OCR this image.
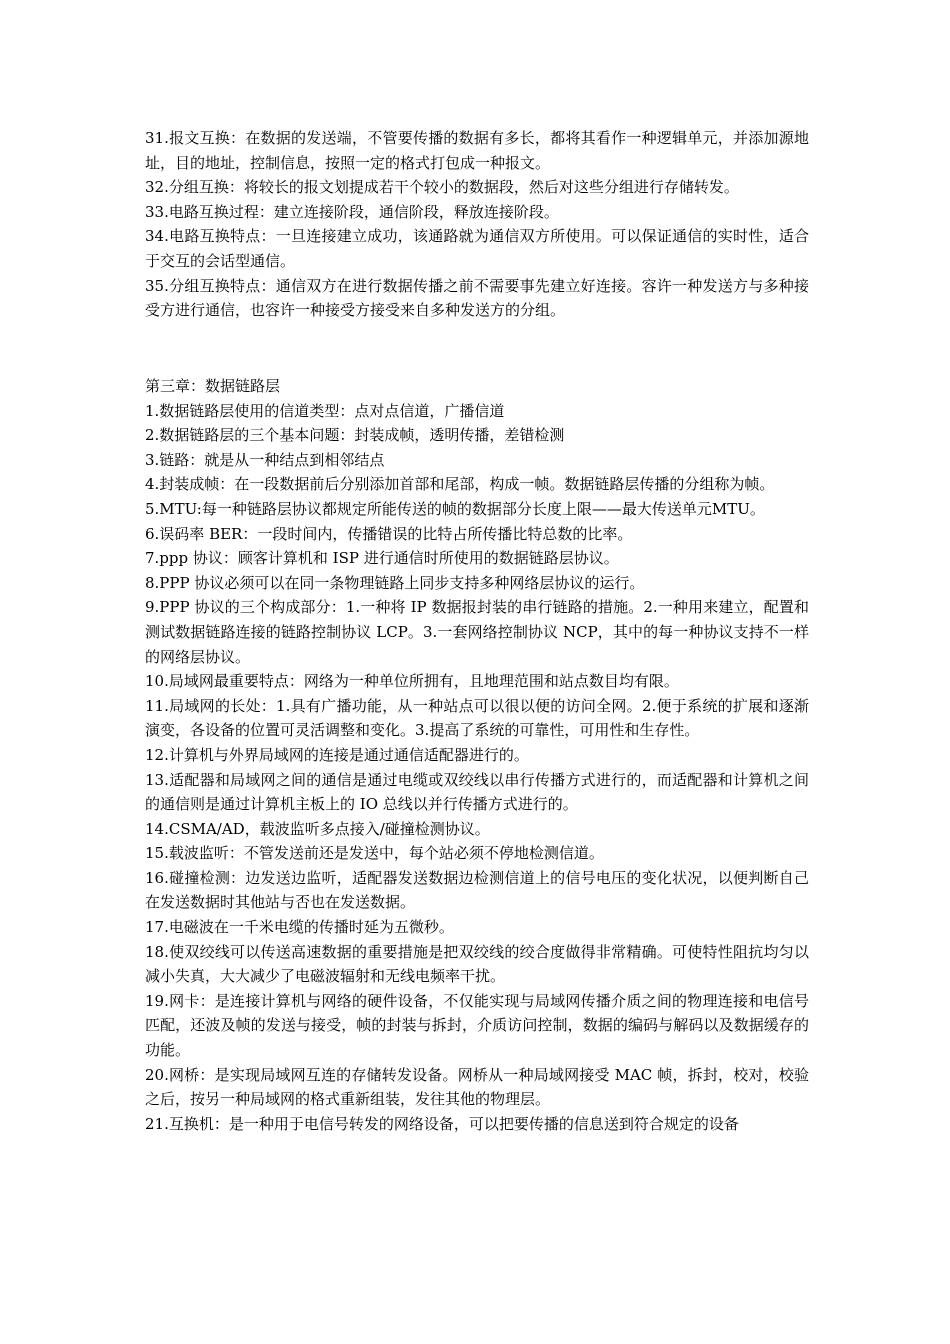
31.报文互换：在数据的发送端，不管要传播的数据有多长，都将其看作一种逻辑单元，并添加源地址，目的地址，控制信息，按照一定的格式打包成一种报文。

32.分组互换：将较长的报文划提成若干个较小的数据段，然后对这些分组进行存储转发。

33.电路互换过程：建立连接阶段，通信阶段，释放连接阶段。

34.电路互换特点：一旦连接建立成功，该通路就为通信双方所使用。可以保证通信的实时性，适合于交互的会话型通信。

35.分组互换特点：通信双方在进行数据传播之前不需要事先建立好连接。容许一种发送方与多种接受方进行通信，也容许一种接受方接受来自多种发送方的分组。

第三章：数据链路层

1.数据链路层使用的信道类型：点对点信道，广播信道

2.数据链路层的三个基本问题：封装成帧，透明传播，差错检测

3.链路：就是从一种结点到相邻结点

4.封装成帧：在一段数据前后分别添加首部和尾部，构成一帧。数据链路层传播的分组称为帧。

5.MTU:每一种链路层协议都规定所能传送的帧的数据部分长度上限——最大传送单元MTU。

6.误码率 BER：一段时间内，传播错误的比特占所传播比特总数的比率。

7.ppp 协议：顾客计算机和 ISP 进行通信时所使用的数据链路层协议。

8.PPP 协议必须可以在同一条物理链路上同步支持多种网络层协议的运行。

9.PPP 协议的三个构成部分：1.一种将 IP 数据报封装的串行链路的措施。2.一种用来建立，配置和测试数据链路连接的链路控制协议 LCP。3.一套网络控制协议 NCP，其中的每一种协议支持不一样的网络层协议。

10.局域网最重要特点：网络为一种单位所拥有，且地理范围和站点数目均有限。

11.局域网的长处：1.具有广播功能，从一种站点可以很以便的访问全网。2.便于系统的扩展和逐渐演变，各设备的位置可灵活调整和变化。3.提高了系统的可靠性，可用性和生存性。

12.计算机与外界局域网的连接是通过通信适配器进行的。

13.适配器和局域网之间的通信是通过电缆或双绞线以串行传播方式进行的，而适配器和计算机之间的通信则是通过计算机主板上的 IO 总线以并行传播方式进行的。

14.CSMA/AD，载波监听多点接入/碰撞检测协议。

15.载波监听：不管发送前还是发送中，每个站必须不停地检测信道。

16.碰撞检测：边发送边监听，适配器发送数据边检测信道上的信号电压的变化状况，以便判断自己在发送数据时其他站与否也在发送数据。

17.电磁波在一千米电缆的传播时延为五微秒。

18.使双绞线可以传送高速数据的重要措施是把双绞线的绞合度做得非常精确。可使特性阻抗均匀以减小失真，大大减少了电磁波辐射和无线电频率干扰。

19.网卡：是连接计算机与网络的硬件设备，不仅能实现与局域网传播介质之间的物理连接和电信号匹配，还波及帧的发送与接受，帧的封装与拆封，介质访问控制，数据的编码与解码以及数据缓存的功能。

20.网桥：是实现局域网互连的存储转发设备。网桥从一种局域网接受 MAC 帧，拆封，校对，校验之后，按另一种局域网的格式重新组装，发往其他的物理层。

21.互换机：是一种用于电信号转发的网络设备，可以把要传播的信息送到符合规定的设备
